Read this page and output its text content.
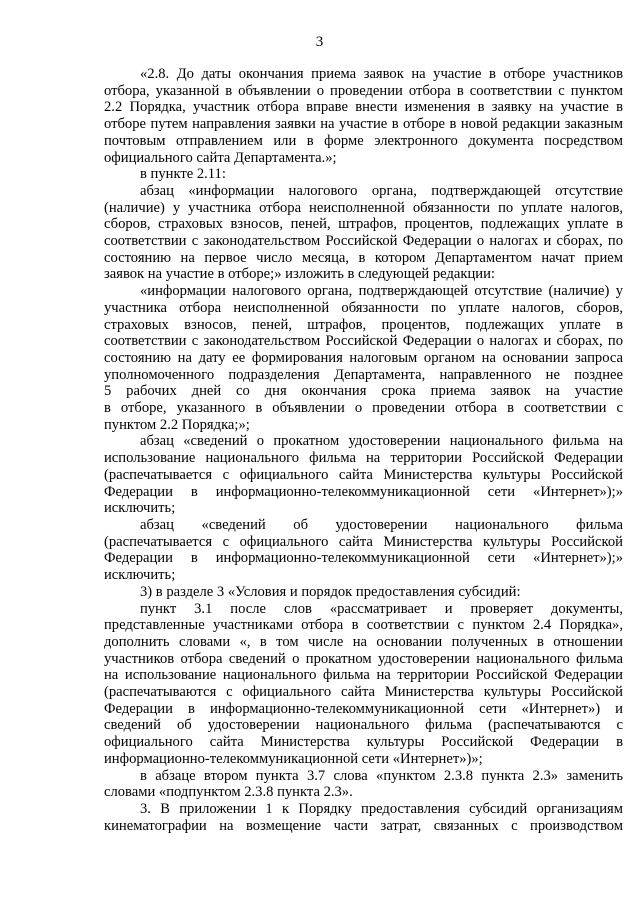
3
«2.8. До даты окончания приема заявок на участие в отборе участников
отбора, указанной в объявлении о проведении отбора в соответствии с пунктом
2.2 Порядка, участник отбора вправе внести изменения в заявку на участие в
отборе путем направления заявки на участие в отборе в новой редакции заказным
почтовым отправлением или в форме электронного документа посредством
официального сайта Департамента.»;
в пункте 2.11:
абзац «информации налогового органа, подтверждающей отсутствие
(наличие) у участника отбора неисполненной обязанности по уплате налогов,
сборов, страховых взносов, пеней, штрафов, процентов, подлежащих уплате в
соответствии с законодательством Российской Федерации о налогах и сборах, по
состоянию на первое число месяца, в котором Департаментом начат прием
заявок на участие в отборе;» изложить в следующей редакции:
«информации налогового органа, подтверждающей отсутствие (наличие) у
участника отбора неисполненной обязанности по уплате налогов, сборов,
страховых взносов, пеней, штрафов, процентов, подлежащих уплате в
соответствии с законодательством Российской Федерации о налогах и сборах, по
состоянию на дату ее формирования налоговым органом на основании запроса
уполномоченного подразделения Департамента, направленного не позднее
5 рабочих дней со дня окончания срока приема заявок на участие
в отборе, указанного в объявлении о проведении отбора в соответствии с
пунктом 2.2 Порядка;»;
абзац «сведений о прокатном удостоверении национального фильма на
использование национального фильма на территории Российской Федерации
(распечатывается с официального сайта Министерства культуры Российской
Федерации в информационно-телекоммуникационной сети «Интернет»);»
исключить;
абзац «сведений об удостоверении национального фильма
(распечатывается с официального сайта Министерства культуры Российской
Федерации в информационно-телекоммуникационной сети «Интернет»);»
исключить;
3) в разделе 3 «Условия и порядок предоставления субсидий:
пункт 3.1 после слов «рассматривает и проверяет документы,
представленные участниками отбора в соответствии с пунктом 2.4 Порядка»,
дополнить словами «, в том числе на основании полученных в отношении
участников отбора сведений о прокатном удостоверении национального фильма
на использование национального фильма на территории Российской Федерации
(распечатываются с официального сайта Министерства культуры Российской
Федерации в информационно-телекоммуникационной сети «Интернет») и
сведений об удостоверении национального фильма (распечатываются с
официального сайта Министерства культуры Российской Федерации в
информационно-телекоммуникационной сети «Интернет»)»;
в абзаце втором пункта 3.7 слова «пунктом 2.3.8 пункта 2.3» заменить
словами «подпунктом 2.3.8 пункта 2.3».
3. В приложении 1 к Порядку предоставления субсидий организациям
кинематографии на возмещение части затрат, связанных с производством
